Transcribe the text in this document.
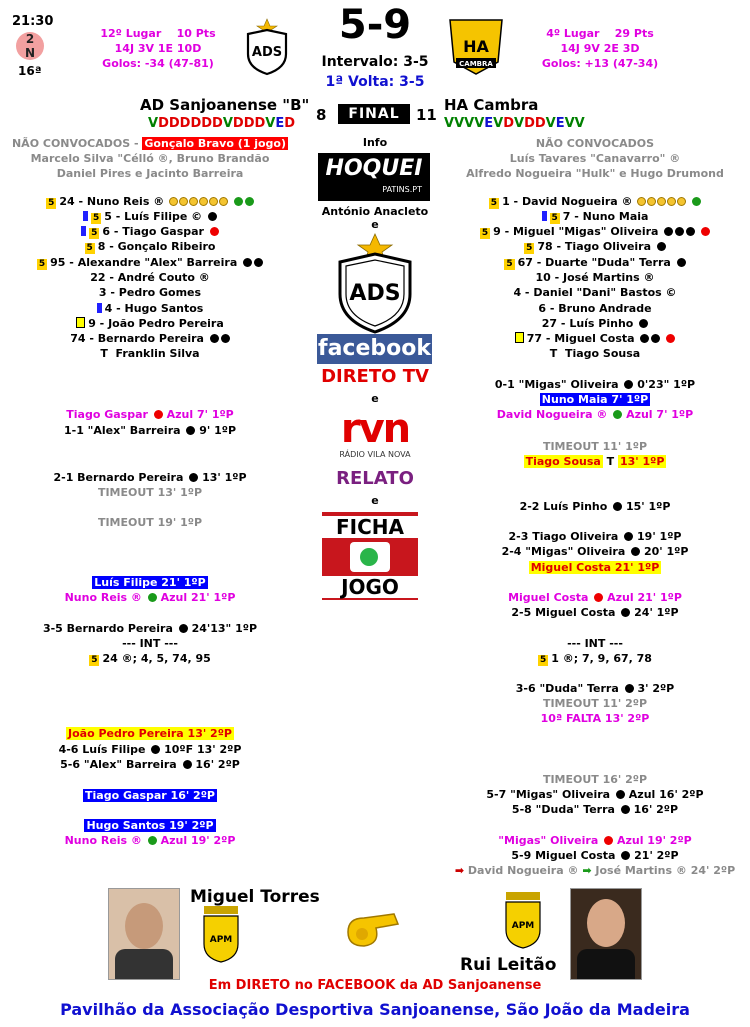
21:30
2
N
16ª
12º Lugar 10 Pts
14J 3V 1E 10D
Golos: -34 (47-81)
ADS
5-9
Intervalo: 3-5
1ª Volta: 3-5
HA
CAMBRA
4º Lugar 29 Pts
14J 9V 2E 3D
Golos: +13 (47-34)
AD Sanjoanense "B"
VDDDDDDVDDDVED 8	FINAL	11
HA Cambra
VVVVEVDVDDVEVV
NÃO CONVOCADOS - Gonçalo Bravo (1 jogo)
Marcelo Silva "Célló ®, Bruno Brandão
Daniel Pires e Jacinto Barreira
NÃO CONVOCADOS
Luís Tavares "Canavarro" ®
Alfredo Nogueira "Hulk" e Hugo Drumond
Info
HOQUEI
PATINS.PT
António Anacleto
e
ADS
facebook
DIRETO TV
e
rvn
RÁDIO VILA NOVA
RELATO
e
FICHA
JOGO
5 24 - Nuno Reis ®
5 5 - Luís Filipe ©
5 6 - Tiago Gaspar
5 8 - Gonçalo Ribeiro
5 95 - Alexandre "Alex" Barreira
22 - André Couto ®
3 - Pedro Gomes
4 - Hugo Santos
9 - João Pedro Pereira
74 - Bernardo Pereira
T  Franklin Silva
5 1 - David Nogueira ®
5 7 - Nuno Maia
5 9 - Miguel "Migas" Oliveira
5 78 - Tiago Oliveira
5 67 - Duarte "Duda" Terra
10 - José Martins ®
4 - Daniel "Dani" Bastos ©
6 - Bruno Andrade
27 - Luís Pinho
77 - Miguel Costa
T  Tiago Sousa
Tiago Gaspar Azul 7' 1ºP
1-1 "Alex" Barreira 9' 1ºP
2-1 Bernardo Pereira 13' 1ºP
TIMEOUT 13' 1ºP
TIMEOUT 19' 1ºP
Luís Filipe 21' 1ºP
Nuno Reis ® Azul 21' 1ºP
3-5 Bernardo Pereira 24'13" 1ºP
--- INT ---
5 24 ®; 4, 5, 74, 95
João Pedro Pereira 13' 2ºP
4-6 Luís Filipe 10ºF 13' 2ºP
5-6 "Alex" Barreira 16' 2ºP
Tiago Gaspar 16' 2ºP
Hugo Santos 19' 2ºP
Nuno Reis ® Azul 19' 2ºP
0-1 "Migas" Oliveira 0'23" 1ºP
Nuno Maia 7' 1ºP
David Nogueira ® Azul 7' 1ºP
TIMEOUT 11' 1ºP
Tiago Sousa T 13' 1ºP
2-2 Luís Pinho 15' 1ºP
2-3 Tiago Oliveira 19' 1ºP
2-4 "Migas" Oliveira 20' 1ºP
Miguel Costa 21' 1ºP
Miguel Costa Azul 21' 1ºP
2-5 Miguel Costa 24' 1ºP
--- INT ---
5 1 ®; 7, 9, 67, 78
3-6 "Duda" Terra 3' 2ºP
TIMEOUT 11' 2ºP
10ª FALTA 13' 2ºP
TIMEOUT 16' 2ºP
5-7 "Migas" Oliveira Azul 16' 2ºP
5-8 "Duda" Terra 16' 2ºP
"Migas" Oliveira Azul 19' 2ºP
5-9 Miguel Costa 21' 2ºP
➡ David Nogueira ® ➡ José Martins ® 24' 2ºP
APM
Miguel Torres
APM
Rui Leitão
Em DIRETO no FACEBOOK da AD Sanjoanense
Pavilhão da Associação Desportiva Sanjoanense, São João da Madeira
